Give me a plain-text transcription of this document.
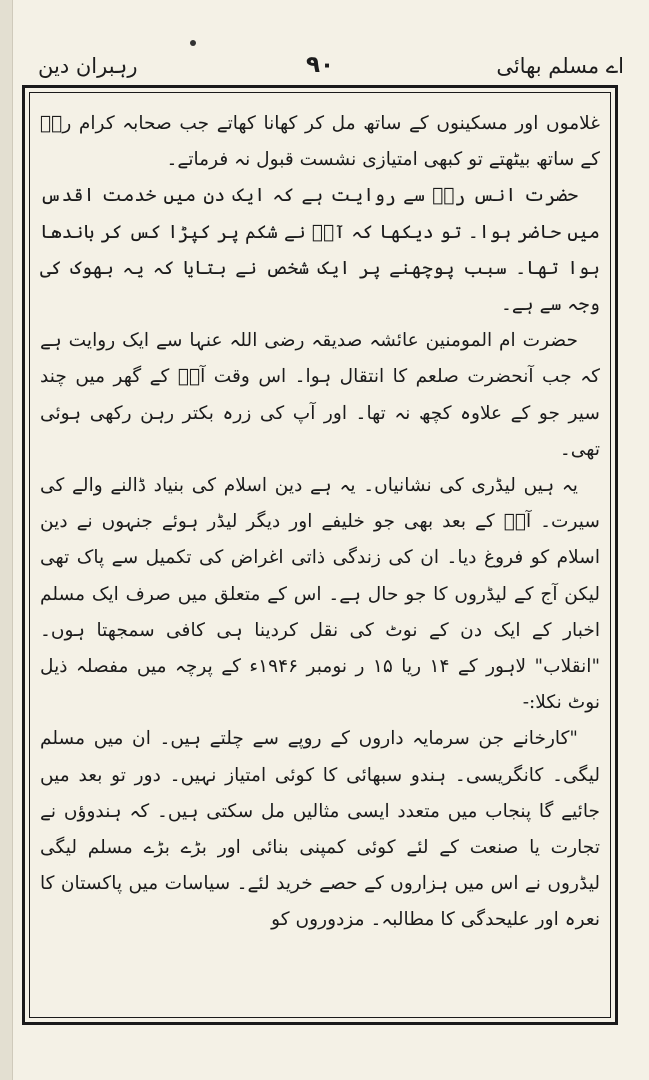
رہبران دین	۹۰	اے مسلم بھائی

غلاموں اور مسکینوں کے ساتھ مل کر کھانا کھاتے جب صحابہ کرام رضؓ کے ساتھ بیٹھتے تو کبھی امتیازی نشست قبول نہ فرماتے۔

حضرت انس رضؓ سے روایت ہے کہ ایک دن میں خدمت اقدس میں حاضر ہوا۔ تو دیکھا کہ آپؐ نے شکم پر کپڑا کس کر باندھا ہوا تھا۔ سبب پوچھنے پر ایک شخص نے بتایا کہ یہ بھوک کی وجہ سے ہے۔

حضرت ام المومنین عائشہ صدیقہ رضی اللہ عنہا سے ایک روایت ہے کہ جب آنحضرت صلعم کا انتقال ہوا۔ اس وقت آپؐ کے گھر میں چند سیر جو کے علاوہ کچھ نہ تھا۔ اور آپ کی زرہ بکتر رہن رکھی ہوئی تھی۔

یہ ہیں لیڈری کی نشانیاں۔ یہ ہے دین اسلام کی بنیاد ڈالنے والے کی سیرت۔ آپؐ کے بعد بھی جو خلیفے اور دیگر لیڈر ہوئے جنہوں نے دین اسلام کو فروغ دیا۔ ان کی زندگی ذاتی اغراض کی تکمیل سے پاک تھی لیکن آج کے لیڈروں کا جو حال ہے۔ اس کے متعلق میں صرف ایک مسلم اخبار کے ایک دن کے نوٹ کی نقل کردینا ہی کافی سمجھتا ہوں۔ "انقلاب" لاہور کے ۱۴ ریا ۱۵ ر نومبر ۱۹۴۶ء کے پرچہ میں مفصلہ ذیل نوٹ نکلا:-

"کارخانے جن سرمایہ داروں کے روپے سے چلتے ہیں۔ ان میں مسلم لیگی۔ کانگریسی۔ ہندو سبھائی کا کوئی امتیاز نہیں۔ دور تو بعد میں جائیے گا پنجاب میں متعدد ایسی مثالیں مل سکتی ہیں۔ کہ ہندوؤں نے تجارت یا صنعت کے لئے کوئی کمپنی بنائی اور بڑے بڑے مسلم لیگی لیڈروں نے اس میں ہزاروں کے حصے خرید لئے۔ سیاسات میں پاکستان کا نعرہ اور علیحدگی کا مطالبہ۔ مزدوروں کو
